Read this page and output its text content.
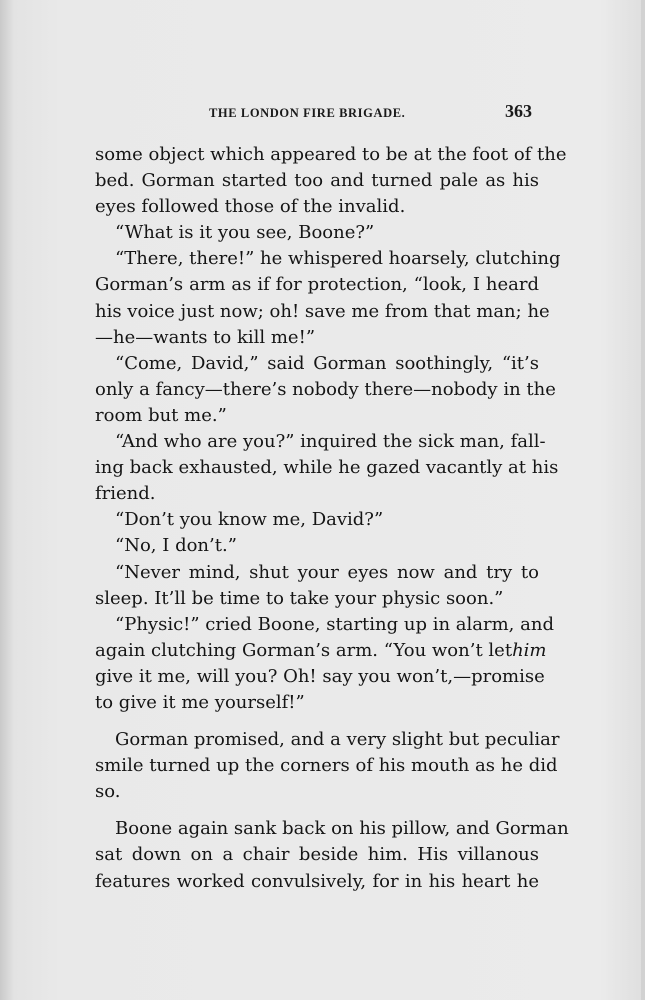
THE LONDON FIRE BRIGADE.	363
some object which appeared to be at the foot of the
bed. Gorman started too and turned pale as his
eyes followed those of the invalid.
“What is it you see, Boone?”
“There, there!” he whispered hoarsely, clutching
Gorman’s arm as if for protection, “look, I heard
his voice just now; oh! save me from that man; he
—he—wants to kill me!”
“Come, David,” said Gorman soothingly, “it’s
only a fancy—there’s nobody there—nobody in the
room but me.”
“And who are you?” inquired the sick man, fall-
ing back exhausted, while he gazed vacantly at his
friend.
“Don’t you know me, David?”
“No, I don’t.”
“Never mind, shut your eyes now and try to
sleep. It’ll be time to take your physic soon.”
“Physic!” cried Boone, starting up in alarm, and
again clutching Gorman’s arm. “You won’t let him
give it me, will you? Oh! say you won’t,—promise
to give it me yourself!”
Gorman promised, and a very slight but peculiar
smile turned up the corners of his mouth as he did
so.
Boone again sank back on his pillow, and Gorman
sat down on a chair beside him. His villanous
features worked convulsively, for in his heart he
